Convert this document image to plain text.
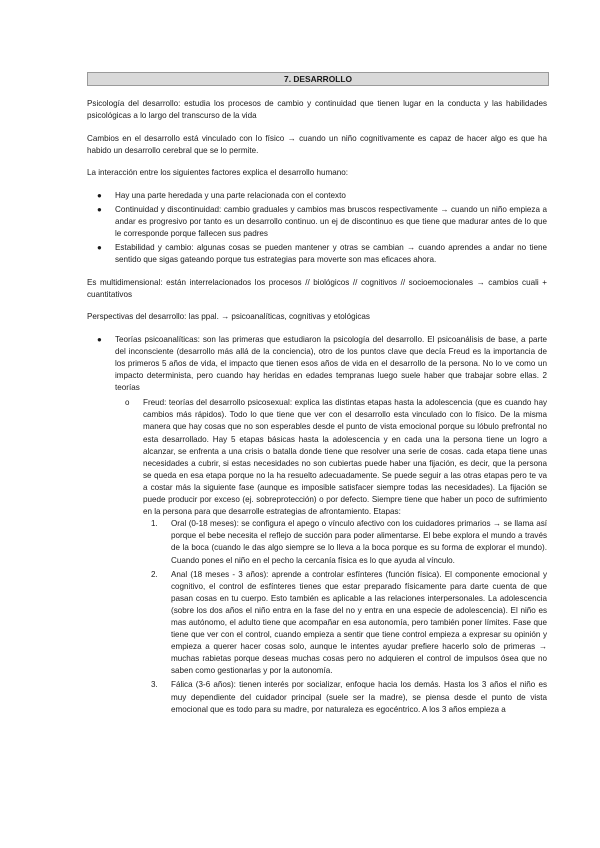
7. DESARROLLO

Psicología del desarrollo: estudia los procesos de cambio y continuidad que tienen lugar en la conducta y las habilidades psicológicas a lo largo del transcurso de la vida

Cambios en el desarrollo está vinculado con lo físico → cuando un niño cognitivamente es capaz de hacer algo es que ha habido un desarrollo cerebral que se lo permite.

La interacción entre los siguientes factores explica el desarrollo humano:

● Hay una parte heredada y una parte relacionada con el contexto
● Continuidad y discontinuidad: cambio graduales y cambios mas bruscos respectivamente → cuando un niño empieza a andar es progresivo por tanto es un desarrollo continuo. un ej de discontinuo es que tiene que madurar antes de lo que le corresponde porque fallecen sus padres
● Estabilidad y cambio: algunas cosas se pueden mantener y otras se cambian → cuando aprendes a andar no tiene sentido que sigas gateando porque tus estrategias para moverte son mas eficaces ahora.

Es multidimensional: están interrelacionados los procesos // biológicos // cognitivos // socioemocionales → cambios cuali + cuantitativos

Perspectivas del desarrollo: las ppal. → psicoanalíticas, cognitivas y etológicas

● Teorías psicoanalíticas: son las primeras que estudiaron la psicología del desarrollo. El psicoanálisis de base, a parte del inconsciente (desarrollo más allá de la conciencia), otro de los puntos clave que decía Freud es la importancia de los primeros 5 años de vida, el impacto que tienen esos años de vida en el desarrollo de la persona. No lo ve como un impacto determinista, pero cuando hay heridas en edades tempranas luego suele haber que trabajar sobre ellas. 2 teorías
o Freud: teorías del desarrollo psicosexual: explica las distintas etapas hasta la adolescencia (que es cuando hay cambios más rápidos). Todo lo que tiene que ver con el desarrollo esta vinculado con lo físico. De la misma manera que hay cosas que no son esperables desde el punto de vista emocional porque su lóbulo prefrontal no esta desarrollado. Hay 5 etapas básicas hasta la adolescencia y en cada una la persona tiene un logro a alcanzar, se enfrenta a una crisis o batalla donde tiene que resolver una serie de cosas. cada etapa tiene unas necesidades a cubrir, si estas necesidades no son cubiertas puede haber una fijación, es decir, que la persona se queda en esa etapa porque no la ha resuelto adecuadamente. Se puede seguir a las otras etapas pero te va a costar más la siguiente fase (aunque es imposible satisfacer siempre todas las necesidades). La fijación se puede producir por exceso (ej. sobreprotección) o por defecto. Siempre tiene que haber un poco de sufrimiento en la persona para que desarrolle estrategias de afrontamiento. Etapas:
1. Oral (0-18 meses): se configura el apego o vínculo afectivo con los cuidadores primarios → se llama así porque el bebe necesita el reflejo de succión para poder alimentarse. El bebe explora el mundo a través de la boca (cuando le das algo siempre se lo lleva a la boca porque es su forma de explorar el mundo). Cuando pones el niño en el pecho la cercanía física es lo que ayuda al vínculo.
2. Anal (18 meses - 3 años): aprende a controlar esfínteres (función física). El componente emocional y cognitivo, el control de esfínteres tienes que estar preparado físicamente para darte cuenta de que pasan cosas en tu cuerpo. Esto también es aplicable a las relaciones interpersonales. La adolescencia (sobre los dos años el niño entra en la fase del no y entra en una especie de adolescencia). El niño es mas autónomo, el adulto tiene que acompañar en esa autonomía, pero también poner límites. Fase que tiene que ver con el control, cuando empieza a sentir que tiene control empieza a expresar su opinión y empieza a querer hacer cosas solo, aunque le intentes ayudar prefiere hacerlo solo de primeras → muchas rabietas porque deseas muchas cosas pero no adquieren el control de impulsos ósea que no saben como gestionarlas y por la autonomía.
3. Fálica (3-6 años): tienen interés por socializar, enfoque hacia los demás. Hasta los 3 años el niño es muy dependiente del cuidador principal (suele ser la madre), se piensa desde el punto de vista emocional que es todo para su madre, por naturaleza es egocéntrico. A los 3 años empieza a
